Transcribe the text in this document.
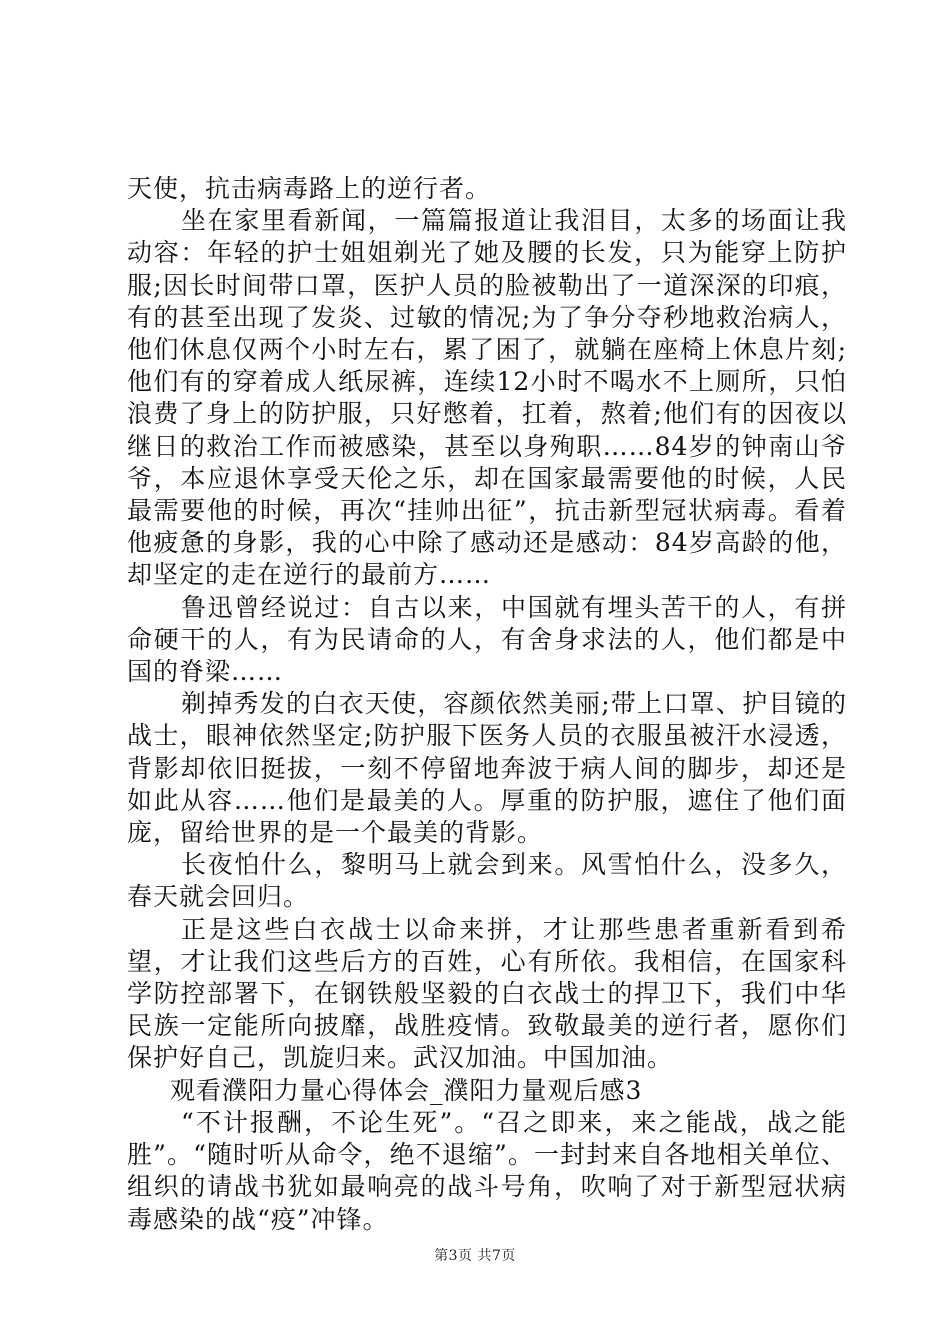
天使，抗击病毒路上的逆行者。

坐在家里看新闻，一篇篇报道让我泪目，太多的场面让我动容：年轻的护士姐姐剃光了她及腰的长发，只为能穿上防护服;因长时间带口罩，医护人员的脸被勒出了一道深深的印痕，有的甚至出现了发炎、过敏的情况;为了争分夺秒地救治病人，他们休息仅两个小时左右，累了困了，就躺在座椅上休息片刻;他们有的穿着成人纸尿裤，连续12小时不喝水不上厕所，只怕浪费了身上的防护服，只好憋着，扛着，熬着;他们有的因夜以继日的救治工作而被感染，甚至以身殉职……84岁的钟南山爷爷，本应退休享受天伦之乐，却在国家最需要他的时候，人民最需要他的时候，再次“挂帅出征”，抗击新型冠状病毒。看着他疲惫的身影，我的心中除了感动还是感动：84岁高龄的他，却坚定的走在逆行的最前方……

鲁迅曾经说过：自古以来，中国就有埋头苦干的人，有拼命硬干的人，有为民请命的人，有舍身求法的人，他们都是中国的脊梁……

剃掉秀发的白衣天使，容颜依然美丽;带上口罩、护目镜的战士，眼神依然坚定;防护服下医务人员的衣服虽被汗水浸透，背影却依旧挺拔，一刻不停留地奔波于病人间的脚步，却还是如此从容……他们是最美的人。厚重的防护服，遮住了他们面庞，留给世界的是一个最美的背影。

长夜怕什么，黎明马上就会到来。风雪怕什么，没多久，春天就会回归。

正是这些白衣战士以命来拼，才让那些患者重新看到希望，才让我们这些后方的百姓，心有所依。我相信，在国家科学防控部署下，在钢铁般坚毅的白衣战士的捍卫下，我们中华民族一定能所向披靡，战胜疫情。致敬最美的逆行者，愿你们保护好自己，凯旋归来。武汉加油。中国加油。

观看濮阳力量心得体会_濮阳力量观后感3

“不计报酬，不论生死”。“召之即来，来之能战，战之能胜”。“随时听从命令，绝不退缩”。一封封来自各地相关单位、组织的请战书犹如最响亮的战斗号角，吹响了对于新型冠状病毒感染的战“疫”冲锋。

第3页 共7页
